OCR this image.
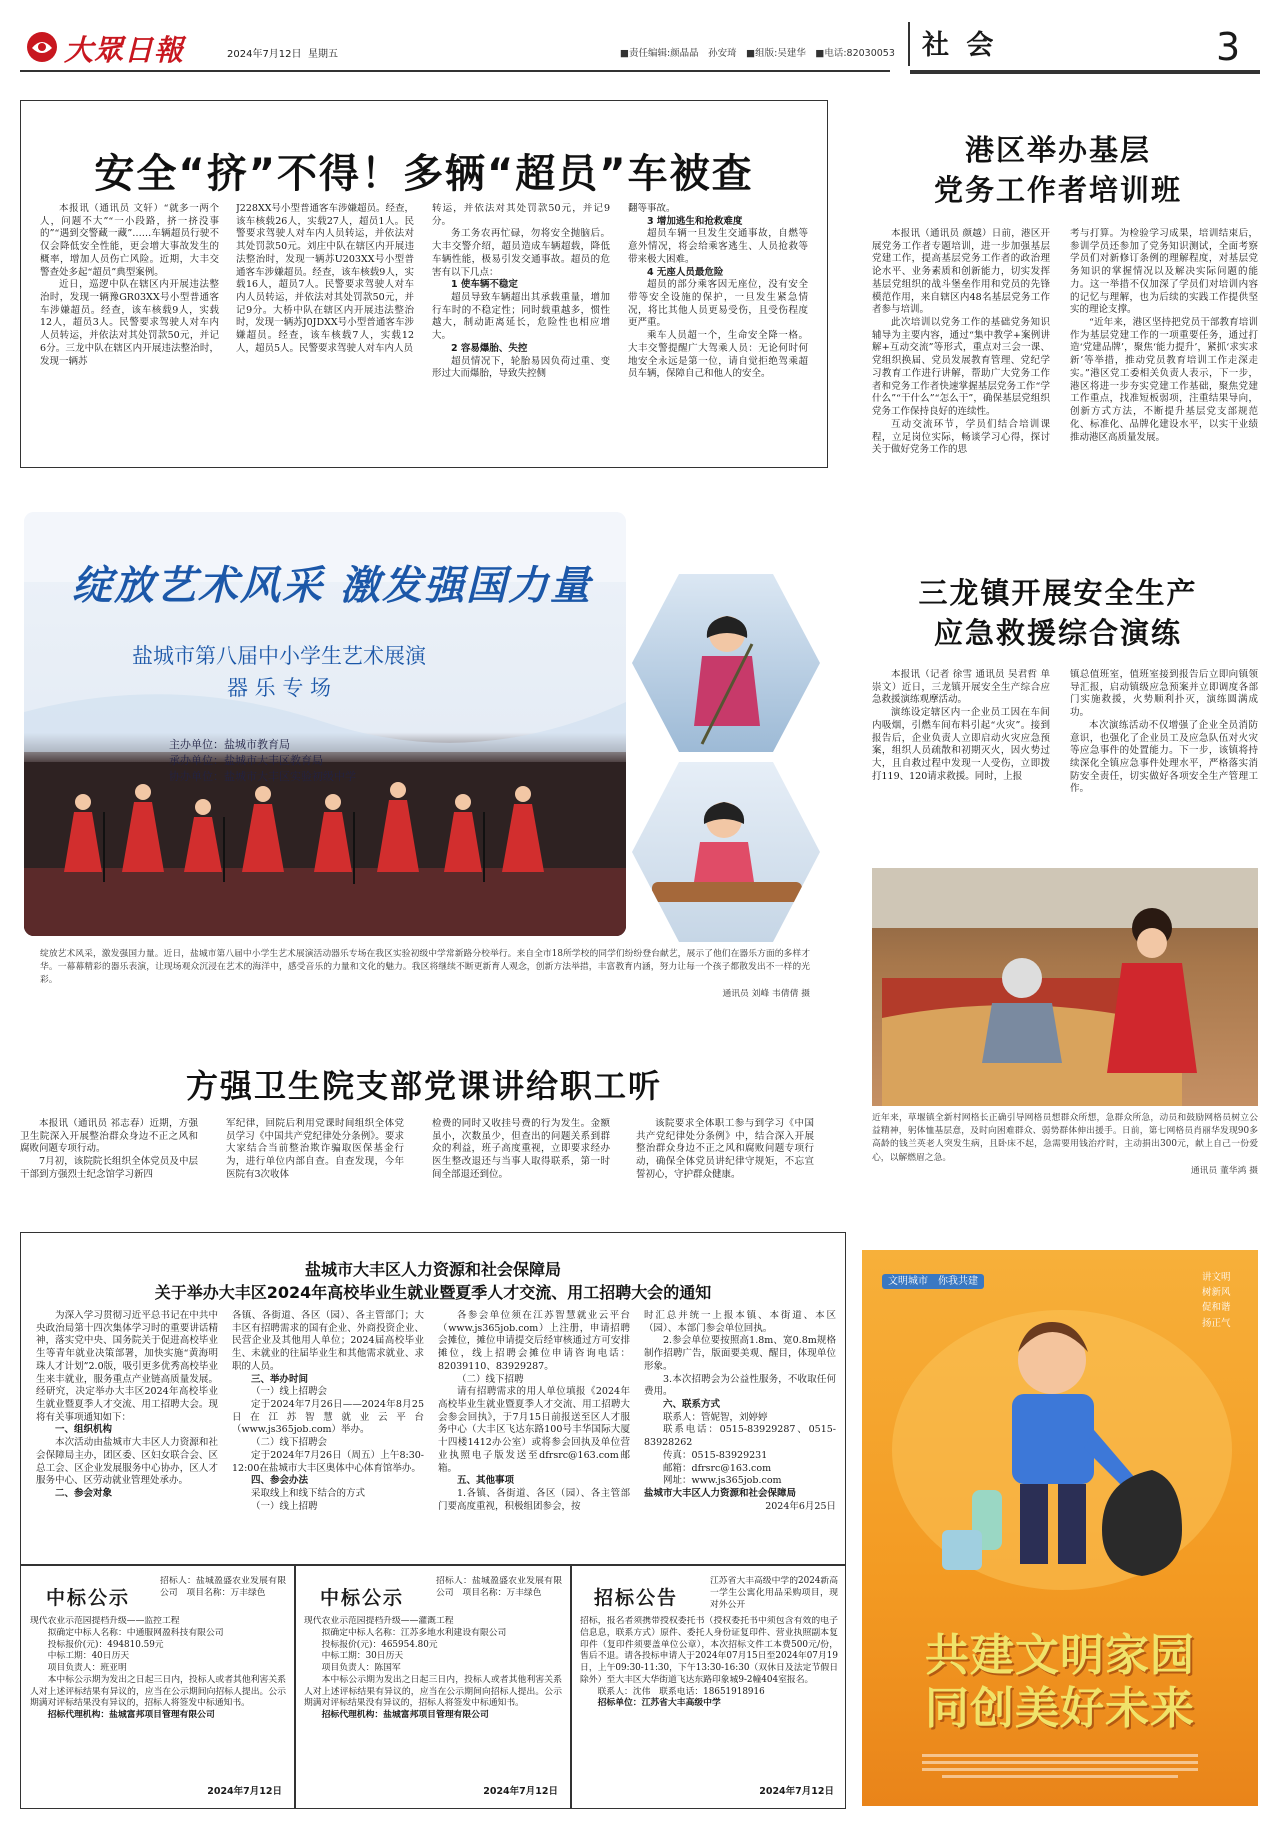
大眾日報	2024年7月12日 星期五	■责任编辑:颜晶晶　孙安琦　■组版:吴建华　■电话:82030053 社 会	3
安全“挤”不得！多辆“超员”车被查

本报讯（通讯员 文轩）“就多一两个人，问题不大”“一小段路，挤一挤没事的”“遇到交警藏一藏”……车辆超员行驶不仅会降低安全性能，更会增大事故发生的概率，增加人员伤亡风险。近期，大丰交警查处多起“超员”典型案例。

近日，巡逻中队在辖区内开展违法整治时，发现一辆豫GR03XX号小型普通客车涉嫌超员。经查，该车核载9人，实载12人，超员3人。民警要求驾驶人对车内人员转运，并依法对其处罚款50元，并记6分。三龙中队在辖区内开展违法整治时，发现一辆苏

J228XX号小型普通客车涉嫌超员。经查，该车核载26人，实载27人，超员1人。民警要求驾驶人对车内人员转运，并依法对其处罚款50元。刘庄中队在辖区内开展违法整治时，发现一辆苏U203XX号小型普通客车涉嫌超员。经查，该车核载9人，实载16人，超员7人。民警要求驾驶人对车内人员转运，并依法对其处罚款50元，并记9分。大桥中队在辖区内开展违法整治时，发现一辆苏J0JDXX号小型普通客车涉嫌超员。经查，该车核载7人，实载12人，超员5人。民警要求驾驶人对车内人员

转运，并依法对其处罚款50元，并记9分。

务工务农再忙碌，勿将安全抛脑后。大丰交警介绍，超员造成车辆超载，降低车辆性能，极易引发交通事故。超员的危害有以下几点：

1 使车辆不稳定

超员导致车辆超出其承载重量，增加行车时的不稳定性；同时载重越多，惯性越大，制动距离延长，危险性也相应增大。

2 容易爆胎、失控

超员情况下，轮胎易因负荷过重、变形过大而爆胎，导致失控侧

翻等事故。

3 增加逃生和抢救难度

超员车辆一旦发生交通事故，自燃等意外情况，将会给乘客逃生、人员抢救等带来极大困难。

4 无座人员最危险

超员的部分乘客因无座位，没有安全带等安全设施的保护，一旦发生紧急情况，将比其他人员更易受伤，且受伤程度更严重。

乘车人员超一个，生命安全降一格。大丰交警提醒广大驾乘人员：无论何时何地安全永远是第一位，请自觉拒绝驾乘超员车辆，保障自己和他人的安全。

港区举办基层
党务工作者培训班

本报讯（通讯员 颜越）日前，港区开展党务工作者专题培训，进一步加强基层党建工作，提高基层党务工作者的政治理论水平、业务素质和创新能力，切实发挥基层党组织的战斗堡垒作用和党员的先锋模范作用，来自辖区内48名基层党务工作者参与培训。

此次培训以党务工作的基础党务知识辅导为主要内容，通过“集中教学+案例讲解+互动交流”等形式，重点对三会一课、党组织换届、党员发展教育管理、党纪学习教育工作进行讲解，帮助广大党务工作者和党务工作者快速掌握基层党务工作“学什么”“干什么”“怎么干”，确保基层党组织党务工作保持良好的连续性。

互动交流环节，学员们结合培训课程，立足岗位实际，畅谈学习心得，探讨关于做好党务工作的思

考与打算。为检验学习成果，培训结束后，参训学员还参加了党务知识测试，全面考察学员们对新修订条例的理解程度，对基层党务知识的掌握情况以及解决实际问题的能力。这一举措不仅加深了学员们对培训内容的记忆与理解，也为后续的实践工作提供坚实的理论支撑。

“近年来，港区坚持把党员干部教育培训作为基层党建工作的一项重要任务，通过打造‘党建品牌’，聚焦‘能力提升’，紧抓‘求实求新’等举措，推动党员教育培训工作走深走实。”港区党工委相关负责人表示，下一步，港区将进一步夯实党建工作基础，聚焦党建工作重点，找准短板弱项，注重结果导向，创新方式方法，不断提升基层党支部规范化、标准化、品牌化建设水平，以实干业绩推动港区高质量发展。

绽放艺术风采 激发强国力量
盐城市第八届中小学生艺术展演
器 乐 专 场
主办单位：盐城市教育局
承办单位：盐城市大丰区教育局
协办单位：盐城市大丰区实验初级中学
绽放艺术风采，激发强国力量。近日，盐城市第八届中小学生艺术展演活动器乐专场在我区实验初级中学常新路分校举行。来自全市18所学校的同学们纷纷登台献艺，展示了他们在器乐方面的多样才华。一幕幕精彩的器乐表演，让现场观众沉浸在艺术的海洋中，感受音乐的力量和文化的魅力。我区将继续不断更新育人观念，创新方法举措，丰富教育内涵，努力让每一个孩子都散发出不一样的光彩。
通讯员 刘峰 韦倩倩 摄
三龙镇开展安全生产
应急救援综合演练

本报讯（记者 徐雪 通讯员 吴君哲 单崇文）近日，三龙镇开展安全生产综合应急救援演练观摩活动。

演练设定辖区内一企业员工因在车间内吸烟，引燃车间布料引起“火灾”。接到报告后，企业负责人立即启动火灾应急预案，组织人员疏散和初期灭火，因火势过大，且自救过程中发现一人受伤，立即拨打119、120请求救援。同时，上报

镇总值班室，值班室接到报告后立即向镇领导汇报，启动镇级应急预案并立即调度各部门实施救援，火势顺利扑灭，演练圆满成功。

本次演练活动不仅增强了企业全员消防意识，也强化了企业员工及应急队伍对火灾等应急事件的处置能力。下一步，该镇将持续深化全镇应急事件处理水平，严格落实消防安全责任，切实做好各项安全生产管理工作。

近年来，草堰镇全新村网格长正确引导网格员想群众所想，急群众所急，动员和鼓励网格员树立公益精神，躬体恤基层意，及时向困难群众、弱势群体伸出援手。日前，第七网格员肖丽华发现90多高龄的钱兰英老人突发生病，且卧床不起，急需要用钱治疗时，主动捐出300元，献上自己一份爱心，以解燃眉之急。
通讯员 董华鸿 摄
方强卫生院支部党课讲给职工听

本报讯（通讯员 祁志春）近期，方强卫生院深入开展整治群众身边不正之风和腐败问题专项行动。

7月初，该院院长组织全体党员及中层干部到方强烈士纪念馆学习新四

军纪律，回院后利用党课时间组织全体党员学习《中国共产党纪律处分条例》。要求大家结合当前整治欺诈骗取医保基金行为，进行单位内部自查。自查发现，今年医院有3次收体

检费的同时又收挂号费的行为发生。金额虽小，次数虽少，但查出的问题关系到群众的利益，班子高度重视，立即要求经办医生整改退还与当事人取得联系，第一时间全部退还到位。

该院要求全体职工参与到学习《中国共产党纪律处分条例》中，结合深入开展整治群众身边不正之风和腐败问题专项行动，确保全体党员讲纪律守规矩，不忘宣誓初心，守护群众健康。

盐城市大丰区人力资源和社会保障局
关于举办大丰区2024年高校毕业生就业暨夏季人才交流、用工招聘大会的通知

为深入学习贯彻习近平总书记在中共中央政治局第十四次集体学习时的重要讲话精神，落实党中央、国务院关于促进高校毕业生等青年就业决策部署，加快实施“黄海明珠人才计划”2.0版，吸引更多优秀高校毕业生来丰就业，服务重点产业链高质量发展。经研究，决定举办大丰区2024年高校毕业生就业暨夏季人才交流、用工招聘大会。现将有关事项通知如下：

一、组织机构

本次活动由盐城市大丰区人力资源和社会保障局主办，团区委、区妇女联合会、区总工会、区企业发展服务中心协办，区人才服务中心、区劳动就业管理处承办。

二、参会对象

各镇、各街道、各区（园）、各主管部门；大丰区有招聘需求的国有企业、外商投资企业、民营企业及其他用人单位；2024届高校毕业生、未就业的往届毕业生和其他需求就业、求职的人员。

三、举办时间

（一）线上招聘会

定于2024年7月26日——2024年8月25日在江苏智慧就业云平台（www.js365job.com）举办。

（二）线下招聘会

定于2024年7月26日（周五）上午8:30-12:00在盐城市大丰区奥体中心体育馆举办。

四、参会办法

采取线上和线下结合的方式

（一）线上招聘

各参会单位须在江苏智慧就业云平台（www.js365job.com）上注册，申请招聘会摊位，摊位申请提交后经审核通过方可安排摊位，线上招聘会摊位申请咨询电话：82039110、83929287。

（二）线下招聘

请有招聘需求的用人单位填报《2024年高校毕业生就业暨夏季人才交流、用工招聘大会参会回执》，于7月15日前报送至区人才服务中心（大丰区飞达东路100号丰华国际大厦十四楼1412办公室）或将参会回执及单位营业执照电子版发送至dfrsrc@163.com邮箱。

五、其他事项

1.各镇、各街道、各区（园）、各主管部门要高度重视，积极组团参会，按

时汇总并统一上报本镇、本街道、本区（园）、本部门参会单位回执。

2.参会单位要按照高1.8m、宽0.8m规格制作招聘广告，版面要美观、醒目，体现单位形象。

3.本次招聘会为公益性服务，不收取任何费用。

六、联系方式

联系人：管妮智，刘婷婷

联系电话：0515-83929287、0515-83928262

传真：0515-83929231

邮箱：dfrsrc@163.com

网址：www.js365job.com

盐城市大丰区人力资源和社会保障局

2024年6月25日

中标公示
招标人：盐城盈盛农业发展有限公司　项目名称：万丰绿色

现代农业示范园提档升级——监控工程

拟确定中标人名称：中通服网盈科技有限公司

投标报价(元)：494810.59元

中标工期：40日历天

项目负责人：班亚明

本中标公示期为发出之日起三日内，投标人或者其他利害关系人对上述评标结果有异议的，应当在公示期间向招标人提出。公示期满对评标结果没有异议的，招标人将签发中标通知书。

招标代理机构：盐城富邦项目管理有限公司

2024年7月12日
中标公示
招标人：盐城盈盛农业发展有限公司　项目名称：万丰绿色

现代农业示范园提档升级——灌溉工程

拟确定中标人名称：江苏多地水利建设有限公司

投标报价(元)：465954.80元

中标工期：30日历天

项目负责人：陈国军

本中标公示期为发出之日起三日内，投标人或者其他利害关系人对上述评标结果有异议的，应当在公示期间向招标人提出。公示期满对评标结果没有异议的，招标人将签发中标通知书。

招标代理机构：盐城富邦项目管理有限公司

2024年7月12日
招标公告
江苏省大丰高级中学的2024新高一学生公寓化用品采购项目，现对外公开

招标，报名者须携带授权委托书（授权委托书中须包含有效的电子信息息，联系方式）原件、委托人身份证复印件、营业执照副本复印件（复印件须要盖单位公章），本次招标文件工本费500元/份，售后不退。请各投标申请人于2024年07月15日至2024年07月19日，上午09:30-11:30，下午13:30-16:30（双休日及法定节假日除外）至大丰区大华街道飞达东路印象城9-2幢404室报名。

联系人：沈伟　联系电话：18651918916

招标单位：江苏省大丰高级中学

2024年7月12日
文明城市　你我共建	讲文明
树新风
促和谐
扬正气
共建文明家园
同创美好未来
